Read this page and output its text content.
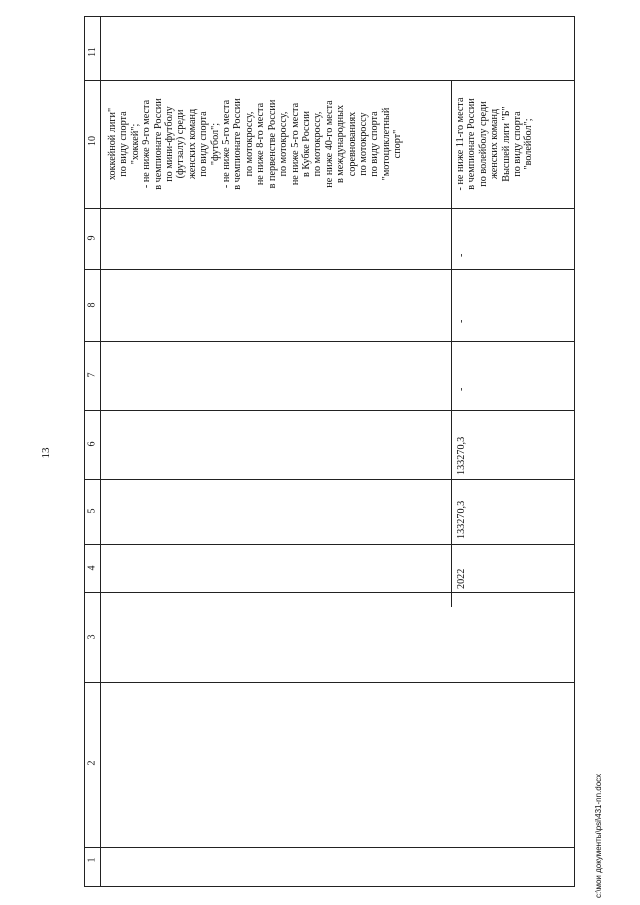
13
1
2
3
4
5
6
7
8
9
10
11
хоккейной лиги"
по виду спорта
"хоккей";
- не ниже 9-го места
в чемпионате России
по мини-футболу
(футзалу) среди
женских команд
по виду спорта
"футбол";
- не ниже 5-го места
в чемпионате России
по мотокроссу,
не ниже 8-го места
в первенстве России
по мотокроссу,
не ниже 5-го места
в Кубке России
по мотокроссу,
не ниже 40-го места
в международных
соревнованиях
по мотокроссу
по виду спорта
"мотоциклетный
спорт"
2022
133270,3
133270,3
-
-
-
- не ниже 11-го места
в чемпионате России
по волейболу среди
женских команд
Высшей лиги "Б"
по виду спорта
"волейбол";
c:\мои документы\psi\431-nn.docx
